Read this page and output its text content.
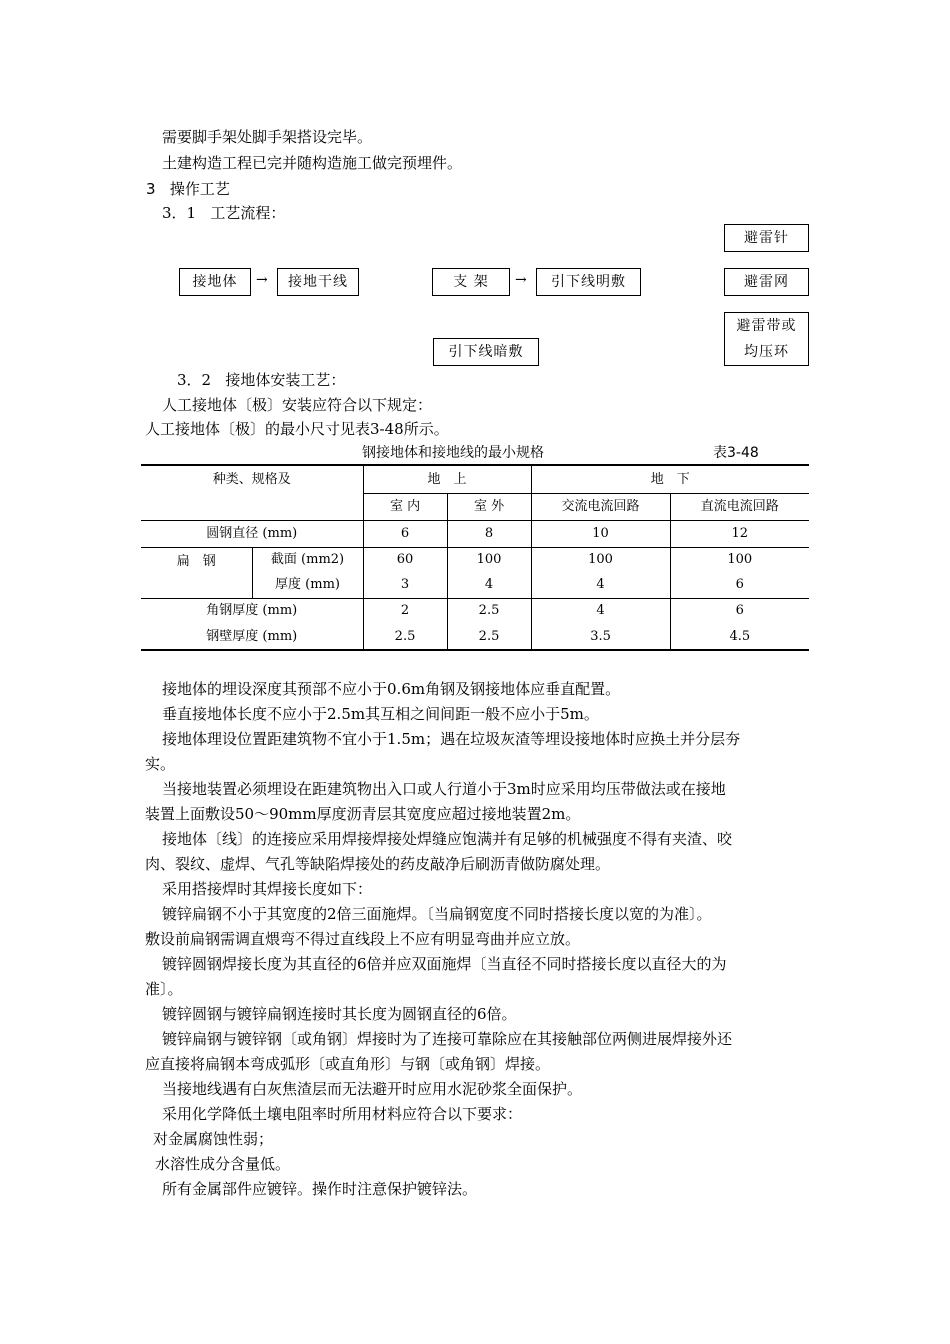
需要脚手架处脚手架搭设完毕。
土建构造工程已完并随构造施工做完预埋件。
3 操作工艺
3．1 工艺流程：
接地体	→	接地干线	支 架	→	引下线明敷
引下线暗敷
避雷针
避雷网
避雷带或
均压环
3．2 接地体安装工艺：
人工接地体〔极〕安装应符合以下规定：
人工接地体〔极〕的最小尺寸见表3-48所示。
钢接地体和接地线的最小规格	表3-48
种类、规格及		地　上		地　下	
		室 内	室 外	交流电流回路	直流电流回路
圆钢直径 (mm)		6	8	10	12
扁　钢	截面 (mm2)	60	100	100	100
	厚度 (mm)	3	4	4	6
角钢厚度 (mm)		2	2.5	4	6
钢壁厚度 (mm)		2.5	2.5	3.5	4.5
接地体的埋设深度其预部不应小于0.6m角钢及钢接地体应垂直配置。
垂直接地体长度不应小于2.5m其互相之间间距一般不应小于5m。
接地体理设位置距建筑物不宜小于1.5m；遇在垃圾灰渣等埋设接地体时应换土并分层夯
实。
当接地装置必须埋设在距建筑物出入口或人行道小于3m时应采用均压带做法或在接地
装置上面敷设50～90mm厚度沥青层其宽度应超过接地装置2m。
接地体〔线〕的连接应采用焊接焊接处焊缝应饱满并有足够的机械强度不得有夹渣、咬
肉、裂纹、虚焊、气孔等缺陷焊接处的药皮敲净后刷沥青做防腐处理。
采用搭接焊时其焊接长度如下：
镀锌扁钢不小于其宽度的2倍三面施焊。〔当扁钢宽度不同时搭接长度以宽的为准〕。
敷设前扁钢需调直煨弯不得过直线段上不应有明显弯曲并应立放。
镀锌圆钢焊接长度为其直径的6倍并应双面施焊〔当直径不同时搭接长度以直径大的为
准〕。
镀锌圆钢与镀锌扁钢连接时其长度为圆钢直径的6倍。
镀锌扁钢与镀锌钢〔或角钢〕焊接时为了连接可靠除应在其接触部位两侧进展焊接外还
应直接将扁钢本弯成弧形〔或直角形〕与钢〔或角钢〕焊接。
当接地线遇有白灰焦渣层而无法避开时应用水泥砂浆全面保护。
采用化学降低土壤电阻率时所用材料应符合以下要求：
对金属腐蚀性弱；
水溶性成分含量低。
所有金属部件应镀锌。操作时注意保护镀锌法。
